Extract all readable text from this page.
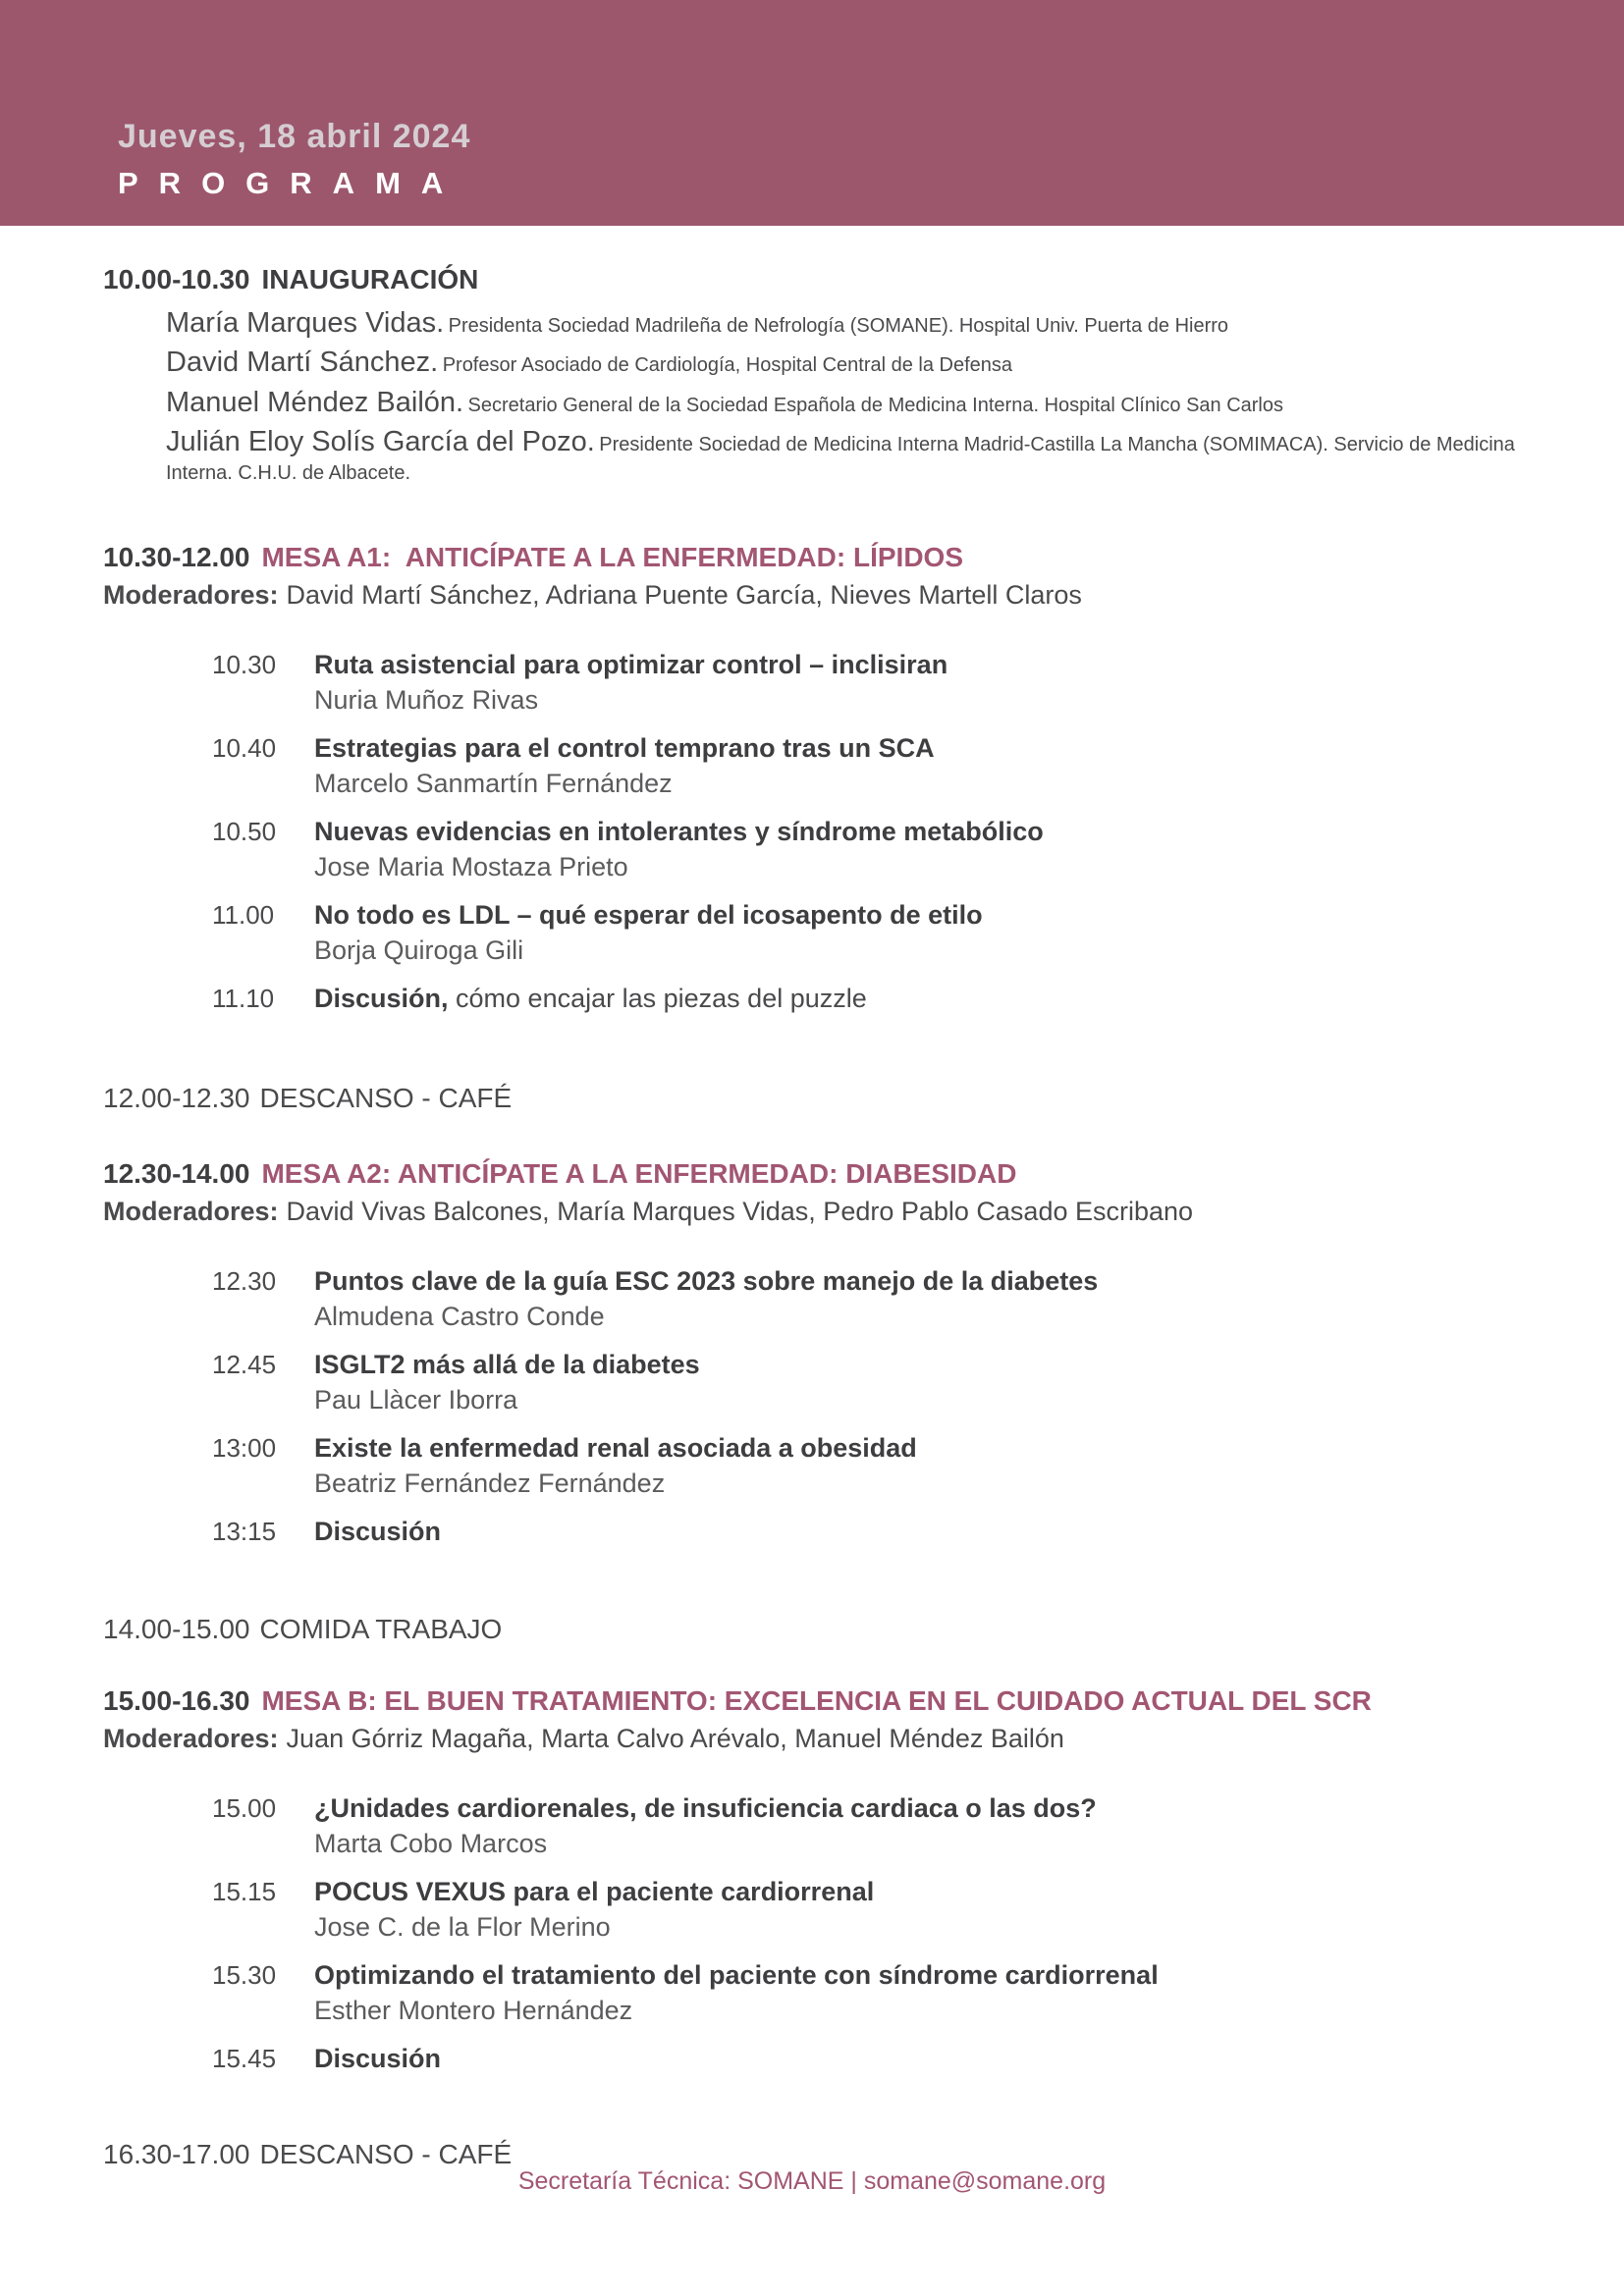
Jueves, 18 abril 2024
PROGRAMA
10.00-10.30 INAUGURACIÓN

María Marques Vidas. Presidenta Sociedad Madrileña de Nefrología (SOMANE). Hospital Univ. Puerta de Hierro

David Martí Sánchez. Profesor Asociado de Cardiología, Hospital Central de la Defensa

Manuel Méndez Bailón. Secretario General de la Sociedad Española de Medicina Interna. Hospital Clínico San Carlos

Julián Eloy Solís García del Pozo. Presidente Sociedad de Medicina Interna Madrid-Castilla La Mancha (SOMIMACA). Servicio de Medicina Interna. C.H.U. de Albacete.

10.30-12.00 MESA A1:  ANTICÍPATE A LA ENFERMEDAD: LÍPIDOS

Moderadores: David Martí Sánchez, Adriana Puente García, Nieves Martell Claros

10.30	Ruta asistencial para optimizar control – inclisiran
Nuria Muñoz Rivas
10.40	Estrategias para el control temprano tras un SCA
Marcelo Sanmartín Fernández
10.50	Nuevas evidencias en intolerantes y síndrome metabólico
Jose Maria Mostaza Prieto
11.00	No todo es LDL – qué esperar del icosapento de etilo
Borja Quiroga Gili
11.10	Discusión, cómo encajar las piezas del puzzle

12.00-12.30 DESCANSO - CAFÉ

12.30-14.00 MESA A2: ANTICÍPATE A LA ENFERMEDAD: DIABESIDAD

Moderadores: David Vivas Balcones, María Marques Vidas, Pedro Pablo Casado Escribano

12.30	Puntos clave de la guía ESC 2023 sobre manejo de la diabetes
Almudena Castro Conde
12.45	ISGLT2 más allá de la diabetes
Pau Llàcer Iborra
13:00	Existe la enfermedad renal asociada a obesidad
Beatriz Fernández Fernández
13:15	Discusión

14.00-15.00 COMIDA TRABAJO

15.00-16.30 MESA B: EL BUEN TRATAMIENTO: EXCELENCIA EN EL CUIDADO ACTUAL DEL SCR

Moderadores: Juan Górriz Magaña, Marta Calvo Arévalo, Manuel Méndez Bailón

15.00	¿Unidades cardiorenales, de insuficiencia cardiaca o las dos?
Marta Cobo Marcos
15.15	POCUS VEXUS para el paciente cardiorrenal
Jose C. de la Flor Merino
15.30	Optimizando el tratamiento del paciente con síndrome cardiorrenal
Esther Montero Hernández
15.45	Discusión

16.30-17.00 DESCANSO - CAFÉ

Secretaría Técnica: SOMANE | somane@somane.org
